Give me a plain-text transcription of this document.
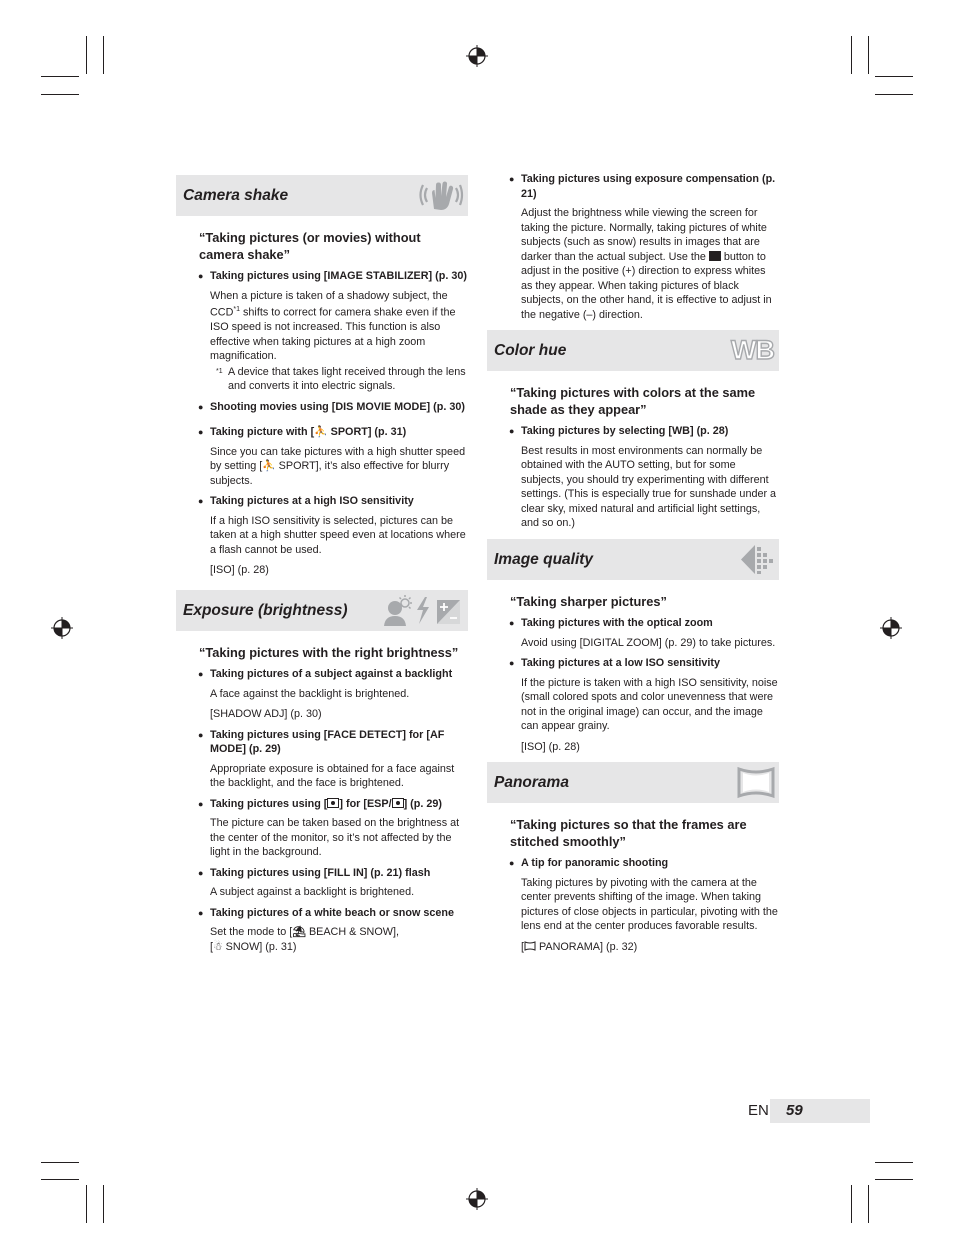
Camera shake
“Taking pictures (or movies) without camera shake”
● Taking pictures using [IMAGE STABILIZER] (p. 30)
When a picture is taken of a shadowy subject, the CCD$^{*1}$ shifts to correct for camera shake even if the ISO speed is not increased. This function is also effective when taking pictures at a high zoom magnification.
*1 A device that takes light received through the lens and converts it into electric signals.
● Shooting movies using [DIS MOVIE MODE] (p. 30)
● Taking picture with [⛹ SPORT] (p. 31)
Since you can take pictures with a high shutter speed by setting [⛹ SPORT], it’s also effective for blurry subjects.
● Taking pictures at a high ISO sensitivity
If a high ISO sensitivity is selected, pictures can be taken at a high shutter speed even at locations where a flash cannot be used.
[ISO] (p. 28)
Exposure (brightness)
“Taking pictures with the right brightness”
● Taking pictures of a subject against a backlight
A face against the backlight is brightened.
[SHADOW ADJ] (p. 30)
● Taking pictures using [FACE DETECT] for [AF MODE] (p. 29)
Appropriate exposure is obtained for a face against the backlight, and the face is brightened.
● Taking pictures using [ ] for [ESP/ ] (p. 29)
The picture can be taken based on the brightness at the center of the monitor, so it’s not affected by the light in the background.
● Taking pictures using [FILL IN] (p. 21) flash
A subject against a backlight is brightened.
● Taking pictures of a white beach or snow scene
Set the mode to [⛱ BEACH & SNOW],
[☃ SNOW] (p. 31)
● Taking pictures using exposure compensation (p. 21)
Adjust the brightness while viewing the screen for taking the picture. Normally, taking pictures of white subjects (such as snow) results in images that are darker than the actual subject. Use the  button to adjust in the positive (+) direction to express whites as they appear. When taking pictures of black subjects, on the other hand, it is effective to adjust in the negative (–) direction.
Color hue	WB
“Taking pictures with colors at the same shade as they appear”
● Taking pictures by selecting [WB] (p. 28)
Best results in most environments can normally be obtained with the AUTO setting, but for some subjects, you should try experimenting with different settings. (This is especially true for sunshade under a clear sky, mixed natural and artificial light settings, and so on.)
Image quality
“Taking sharper pictures”
● Taking pictures with the optical zoom
Avoid using [DIGITAL ZOOM] (p. 29) to take pictures.
● Taking pictures at a low ISO sensitivity
If the picture is taken with a high ISO sensitivity, noise (small colored spots and color unevenness that were not in the original image) can occur, and the image can appear grainy.
[ISO] (p. 28)
Panorama
“Taking pictures so that the frames are stitched smoothly”
● A tip for panoramic shooting
Taking pictures by pivoting with the camera at the center prevents shifting of the image. When taking pictures of close objects in particular, pivoting with the lens end at the center produces favorable results.
[ PANORAMA] (p. 32)
EN 59
